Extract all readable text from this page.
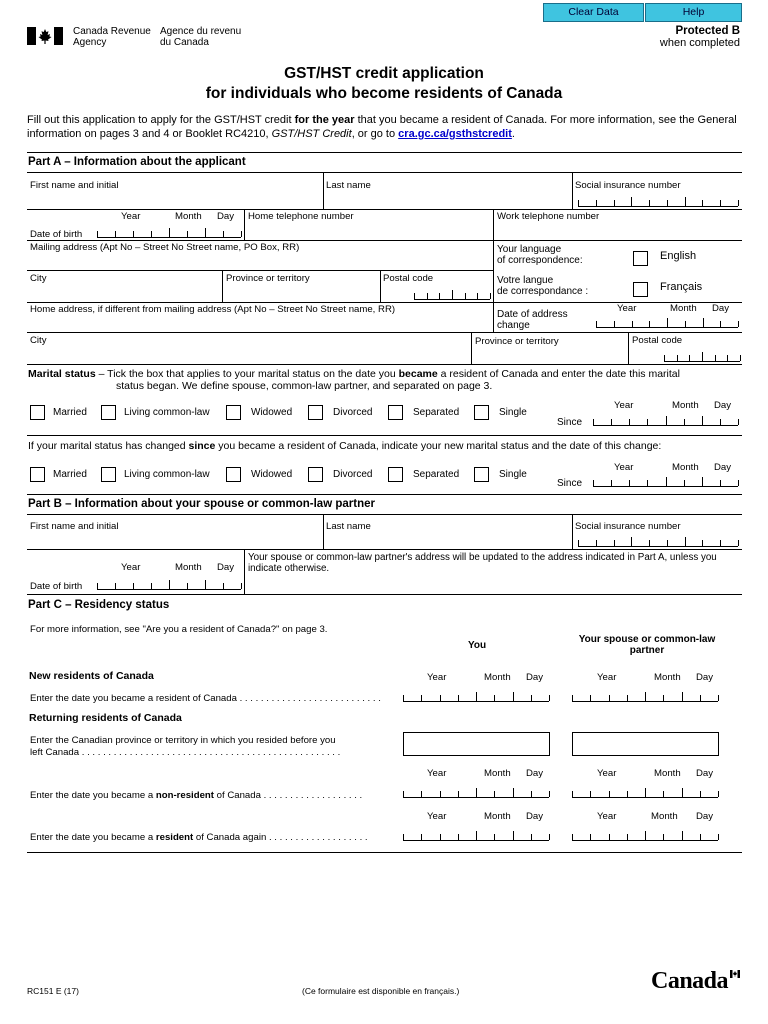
Clear Data	Help
Canada Revenue
Agency
Agence du revenu
du Canada
Protected B
when completed
GST/HST credit application
for individuals who become residents of Canada
Fill out this application to apply for the GST/HST credit for the year that you became a resident of Canada. For more information, see the General information on pages 3 and 4 or Booklet RC4210, GST/HST Credit, or go to cra.gc.ca/gsthstcredit.
Part A – Information about the applicant
First name and initial	Last name	Social insurance number
Year	Month Day
Date of birth
Home telephone number	Work telephone number
Mailing address (Apt No – Street No Street name, PO Box, RR)	Your language
of correspondence:	English
Votre langue
de correspondance :	Français
City	Province or territory	Postal code
Home address, if different from mailing address (Apt No – Street No Street name, RR)	Date of address
change
Year	Month Day
City	Province or territory	Postal code
Marital status – Tick the box that applies to your marital status on the date you became a resident of Canada and enter the date this marital
status began. We define spouse, common-law partner, and separated on page 3.
Year	Month Day
Married	Living common-law	Widowed	Divorced	Separated	Single
Since
If your marital status has changed since you became a resident of Canada, indicate your new marital status and the date of this change:
Year	Month Day
Married	Living common-law	Widowed	Divorced	Separated	Single
Since
Part B – Information about your spouse or common-law partner
First name and initial	Last name	Social insurance number
Year	Month Day
Date of birth
Your spouse or common-law partner's address will be updated to the address indicated in Part A, unless you indicate otherwise.
Part C – Residency status
For more information, see "Are you a resident of Canada?" on page 3.
You
Your spouse or common-law partner
New residents of Canada	Year	Month Day	Year	Month Day
Enter the date you became a resident of Canada . . . . . . . . . . . . . . . . . . . . . . . . . . .
Returning residents of Canada
Enter the Canadian province or territory in which you resided before you left Canada . . . . . . . . . . . . . . . . . . . . . . . . . . . . . . . . . . . . . . . . . . . . . . . . .
Year	Month Day	Year	Month Day
Enter the date you became a non-resident of Canada . . . . . . . . . . . . . . . . . . .
Year	Month Day	Year	Month Day
Enter the date you became a resident of Canada again . . . . . . . . . . . . . . . . . . .
RC151 E (17)	(Ce formulaire est disponible en français.)	Canada
